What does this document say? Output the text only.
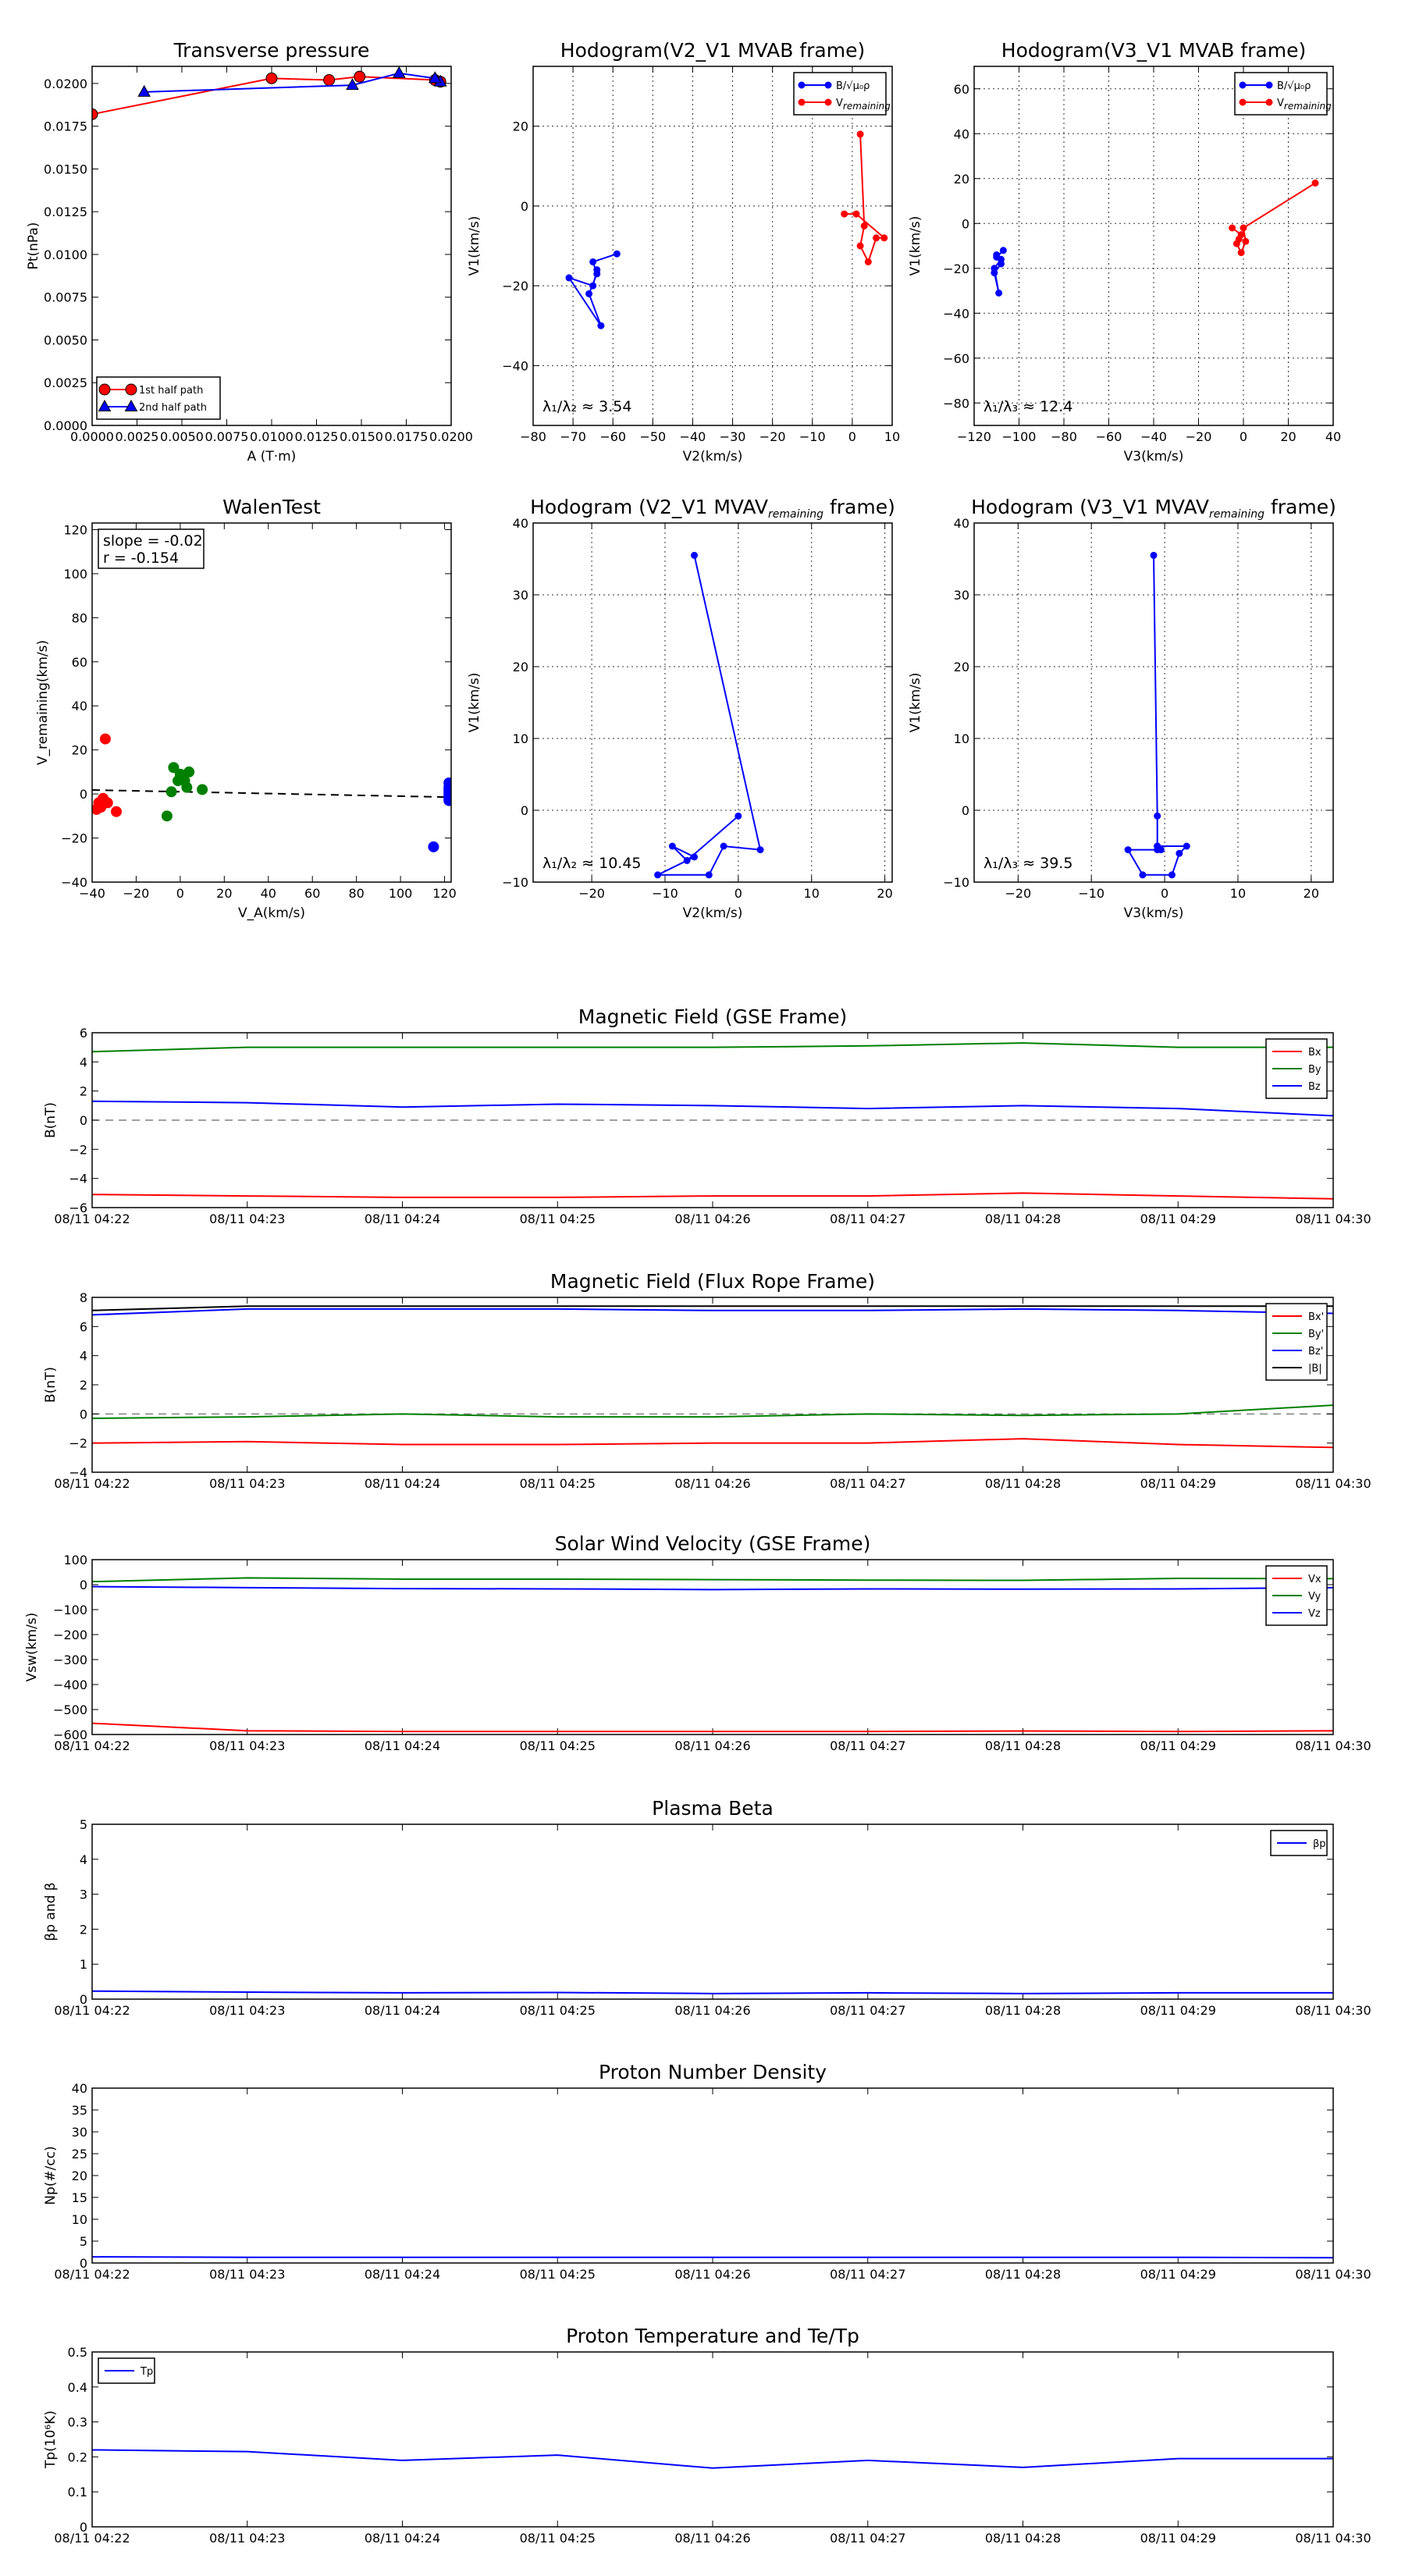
0.0000 0.0025 0.0050 0.0075 0.0100 0.0125 0.0150 0.0175 0.0200
0.0000
0.0025
0.0050
0.0075
0.0100
0.0125
0.0150
0.0175
0.0200
Transverse pressure
A (T·m)
Pt(nPa)
1st half path
2nd half path
−80 −70 −60 −50 −40 −30 −20 −10 0 10
−40
−20
0
20
Hodogram(V2_V1 MVAB frame)
V2(km/s)
V1(km/s)
λ₁/λ₂ ≈ 3.54
B/√μ₀ρ
Vremaining
−120 −100 −80 −60 −40 −20 0	20 40
−80
−60
−40
−20
0
20
40
60
Hodogram(V3_V1 MVAB frame)
V3(km/s)
V1(km/s)
λ₁/λ₃ ≈ 12.4
B/√μ₀ρ
Vremaining
−40 −20 0	20 40 60 80 100 120
−40
−20
0
20
40
60
80
100
120
WalenTest
V_A(km/s)
V_remaining(km/s)
slope = -0.02
r = -0.154
−20	−10	0	10	20
−10
0
10
20
30
40
Hodogram (V2_V1 $MVAV_{remaining}$ frame)
V2(km/s)
V1(km/s)
λ₁/λ₂ ≈ 10.45
−20	−10	0	10	20
−10
0
10
20
30
40
Hodogram (V3_V1 $MVAV_{remaining}$ frame)
V3(km/s)
V1(km/s)
λ₁/λ₃ ≈ 39.5
08/11 04:22	08/11 04:23	08/11 04:24	08/11 04:25	08/11 04:26	08/11 04:27	08/11 04:28	08/11 04:29	08/11 04:30
−6
−4
−2
0
2
4
6
Magnetic Field (GSE Frame)
B(nT)
Bx
By
Bz
08/11 04:22	08/11 04:23	08/11 04:24	08/11 04:25	08/11 04:26	08/11 04:27	08/11 04:28	08/11 04:29	08/11 04:30
−4
−2
0
2
4
6
8
Magnetic Field (Flux Rope Frame)
B(nT)
Bx'
By'
Bz'
|B|
08/11 04:22	08/11 04:23	08/11 04:24	08/11 04:25	08/11 04:26	08/11 04:27	08/11 04:28	08/11 04:29	08/11 04:30
−600
−500
−400
−300
−200
−100
0
100
Solar Wind Velocity (GSE Frame)
Vsw(km/s)
Vx
Vy
Vz
08/11 04:22	08/11 04:23	08/11 04:24	08/11 04:25	08/11 04:26	08/11 04:27	08/11 04:28	08/11 04:29	08/11 04:30
0
1
2
3
4
5
Plasma Beta
βp and β
βp
08/11 04:22	08/11 04:23	08/11 04:24	08/11 04:25	08/11 04:26	08/11 04:27	08/11 04:28	08/11 04:29	08/11 04:30
0
5
10
15
20
25
30
35
40
Proton Number Density
Np(#/cc)
08/11 04:22	08/11 04:23	08/11 04:24	08/11 04:25	08/11 04:26	08/11 04:27	08/11 04:28	08/11 04:29	08/11 04:30
0
0.1
0.2
0.3
0.4
0.5
Proton Temperature and Te/Tp
Tp(10⁶K)
Tp
